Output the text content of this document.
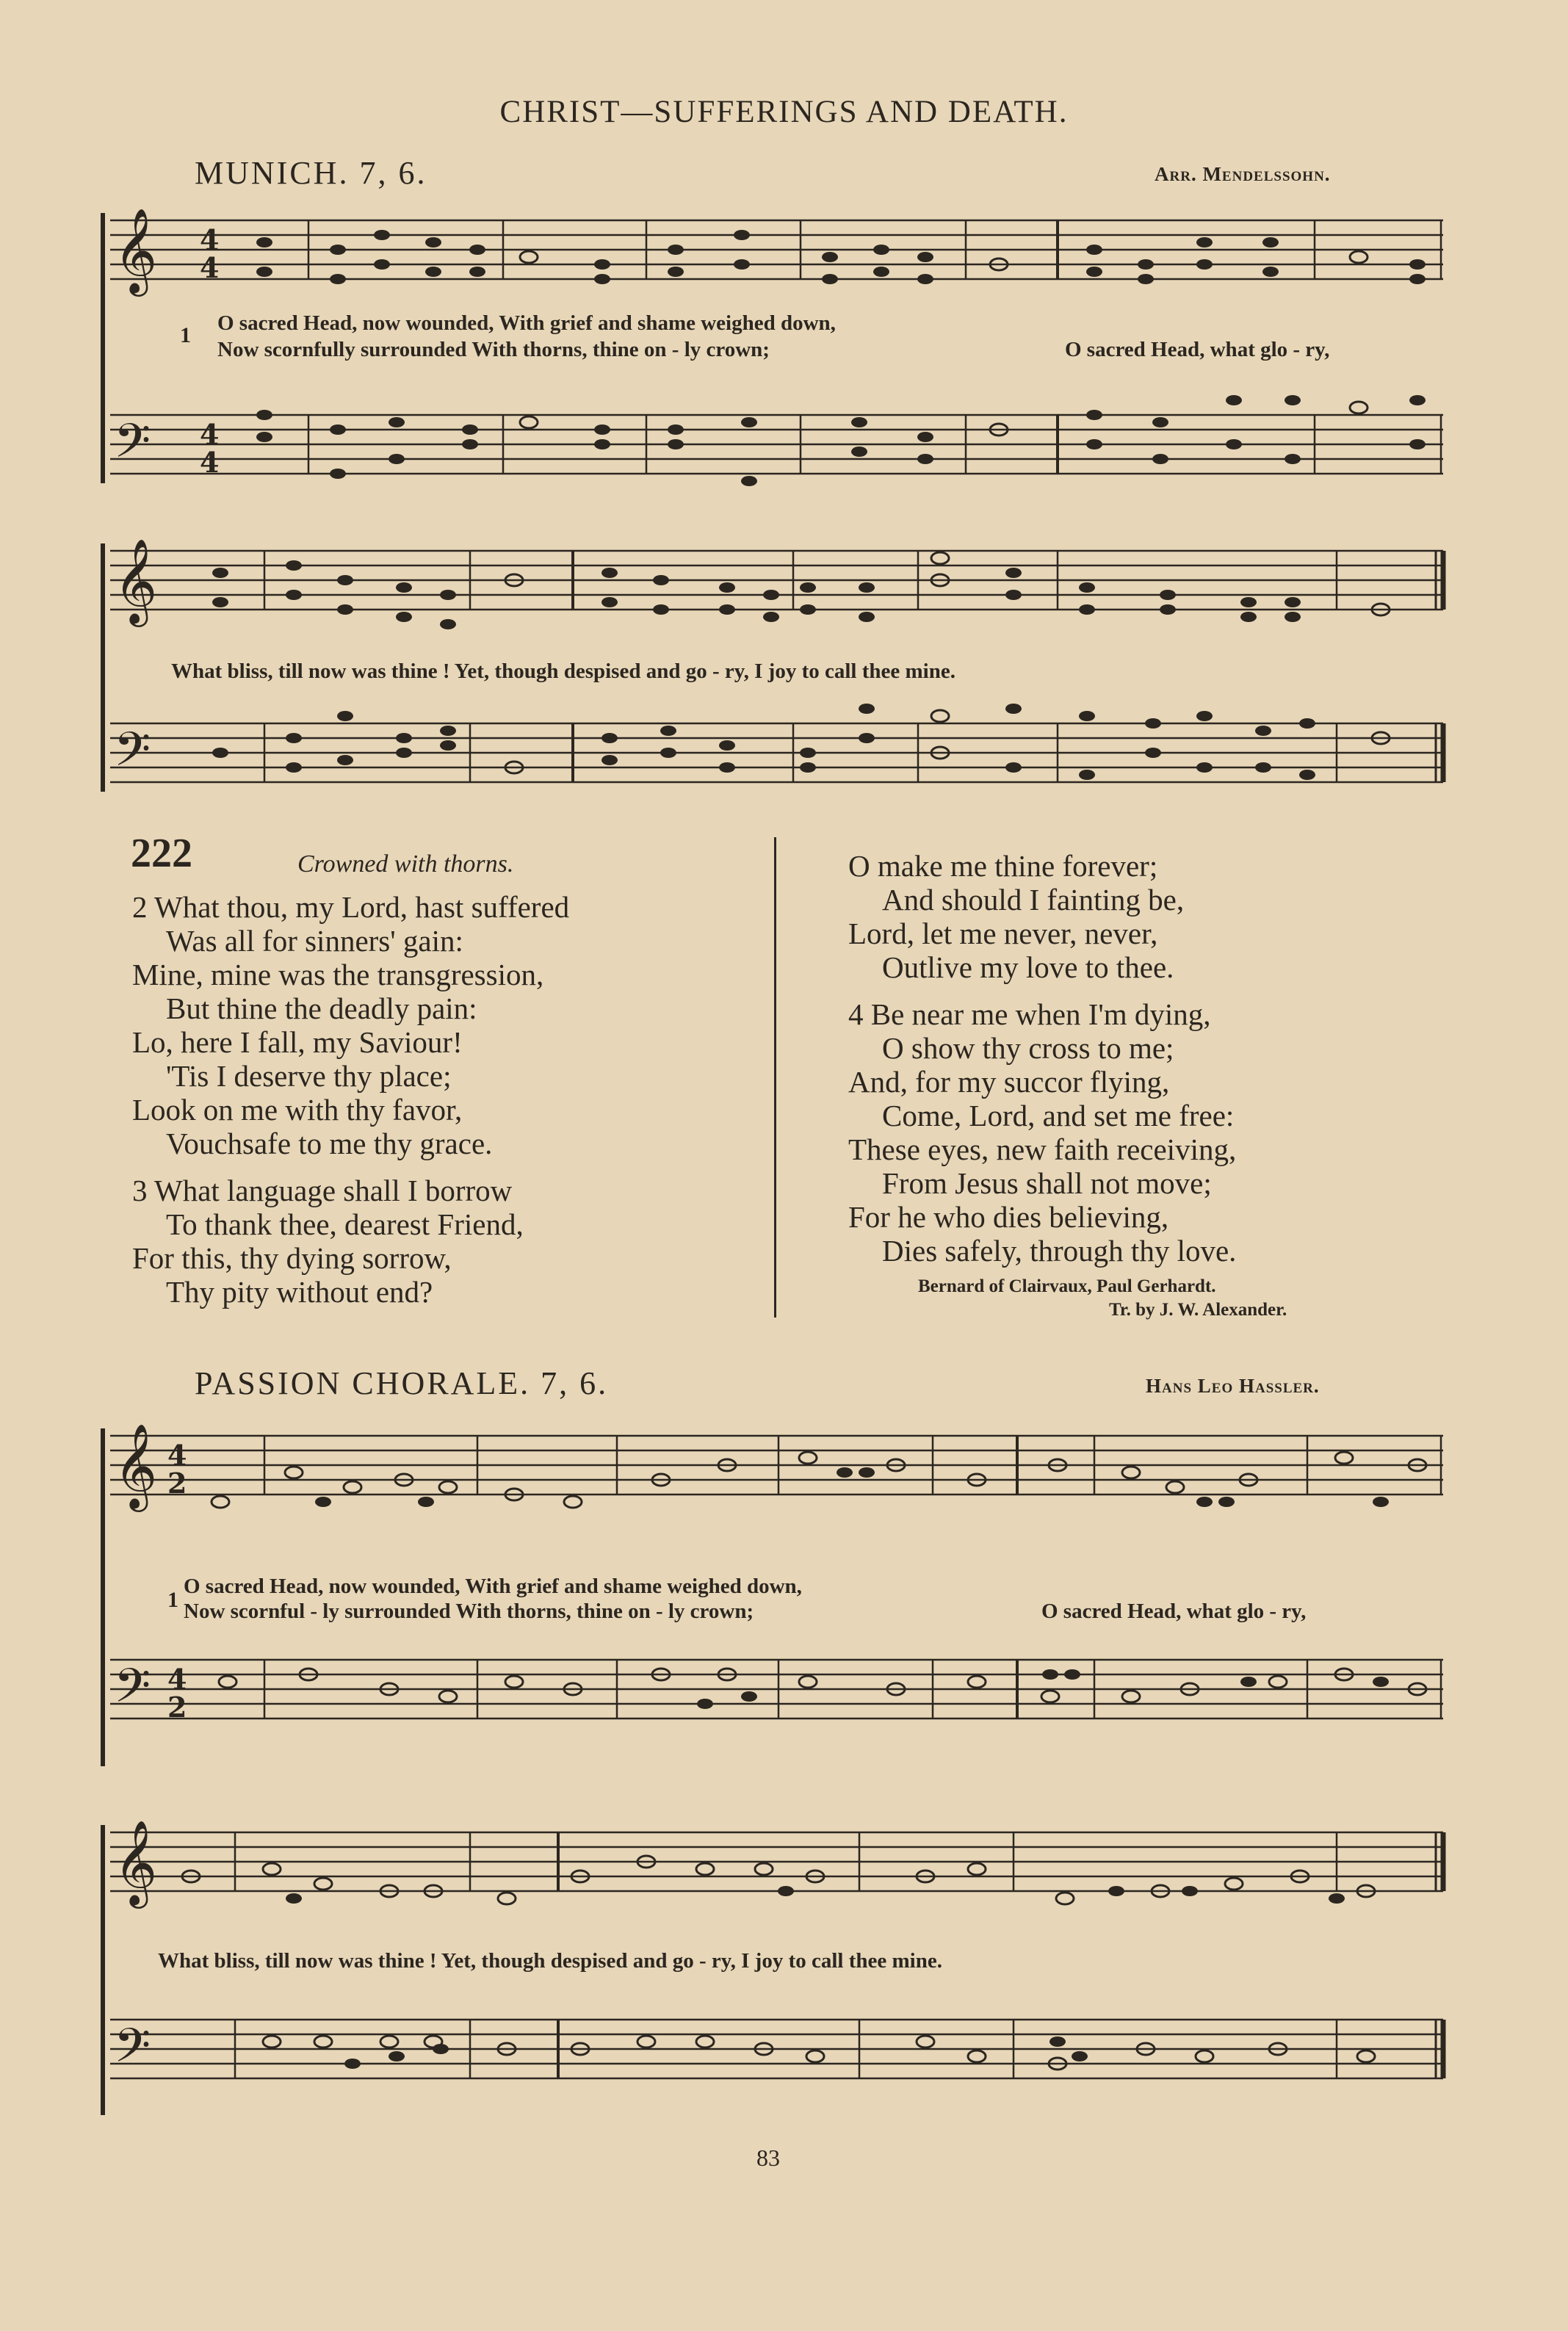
CHRIST—SUFFERINGS AND DEATH.
MUNICH. 7, 6.	Arr. Mendelssohn.
𝄞
𝄢
4
4
4
4
1 O sacred Head, now wounded, With grief and shame weighed down,
Now scornfully surrounded With thorns, thine on - ly crown;	O sacred Head, what glo - ry,
𝄞
𝄢
What bliss, till now was thine ! Yet, though despised and go - ry, I joy to call thee mine.
222	Crowned with thorns.
2 What thou, my Lord, hast suffered
Was all for sinners' gain:
Mine, mine was the transgression,
But thine the deadly pain:
Lo, here I fall, my Saviour!
'Tis I deserve thy place;
Look on me with thy favor,
Vouchsafe to me thy grace.
3 What language shall I borrow
To thank thee, dearest Friend,
For this, thy dying sorrow,
Thy pity without end?
O make me thine forever;
And should I fainting be,
Lord, let me never, never,
Outlive my love to thee.
4 Be near me when I'm dying,
O show thy cross to me;
And, for my succor flying,
Come, Lord, and set me free:
These eyes, new faith receiving,
From Jesus shall not move;
For he who dies believing,
Dies safely, through thy love.
Bernard of Clairvaux, Paul Gerhardt.
Tr. by J. W. Alexander.
PASSION CHORALE. 7, 6.	Hans Leo Hassler.
𝄞
𝄢
4
2
4
2
1
O sacred Head, now wounded, With grief and shame weighed down,
Now scornful - ly surrounded With thorns, thine on - ly crown;	O sacred Head, what glo - ry,
𝄞
𝄢
What bliss, till now was thine ! Yet, though despised and go - ry, I joy to call thee mine.
83
